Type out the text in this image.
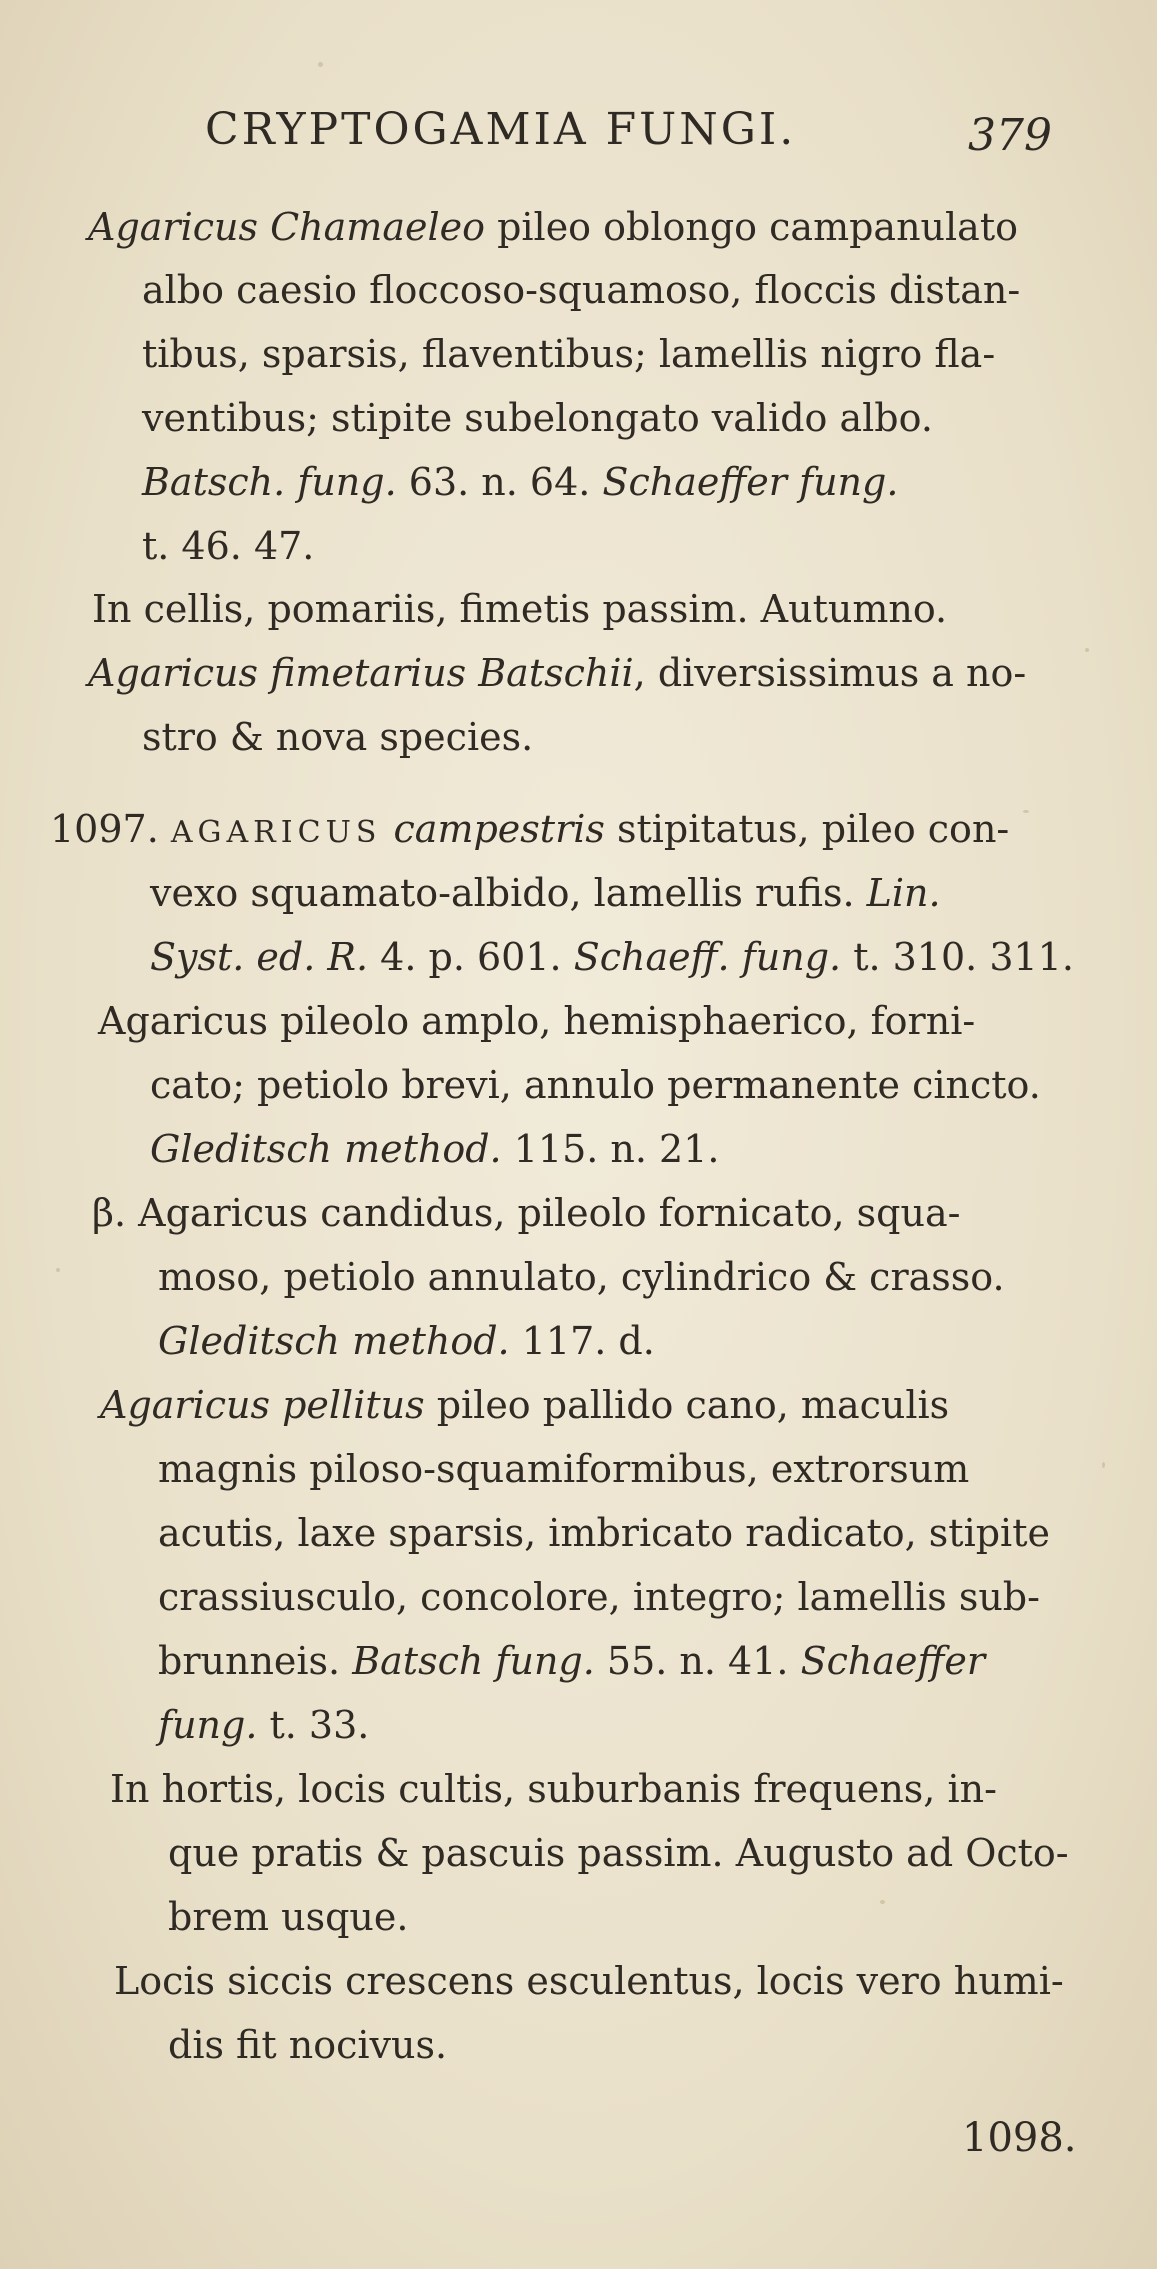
CRYPTOGAMIA FUNGI.	379
Agaricus Chamaeleo pileo oblongo campanulato
albo caesio floccoso-squamoso, floccis distan-
tibus, sparsis, flaventibus; lamellis nigro fla-
ventibus; stipite subelongato valido albo.
Batsch. fung. 63. n. 64. Schaeffer fung.
t. 46. 47.
In cellis, pomariis, fimetis passim. Autumno.
Agaricus fimetarius Batschii, diversissimus a no-
stro & nova species.
1097. AGARICUS campestris stipitatus, pileo con-
vexo squamato-albido, lamellis rufis. Lin.
Syst. ed. R. 4. p. 601. Schaeff. fung. t. 310. 311.
Agaricus pileolo amplo, hemisphaerico, forni-
cato; petiolo brevi, annulo permanente cincto.
Gleditsch method. 115. n. 21.
β. Agaricus candidus, pileolo fornicato, squa-
moso, petiolo annulato, cylindrico & crasso.
Gleditsch method. 117. d.
Agaricus pellitus pileo pallido cano, maculis
magnis piloso-squamiformibus, extrorsum
acutis, laxe sparsis, imbricato radicato, stipite
crassiusculo, concolore, integro; lamellis sub-
brunneis. Batsch fung. 55. n. 41. Schaeffer
fung. t. 33.
In hortis, locis cultis, suburbanis frequens, in-
que pratis & pascuis passim. Augusto ad Octo-
brem usque.
Locis siccis crescens esculentus, locis vero humi-
dis fit nocivus.
1098.
